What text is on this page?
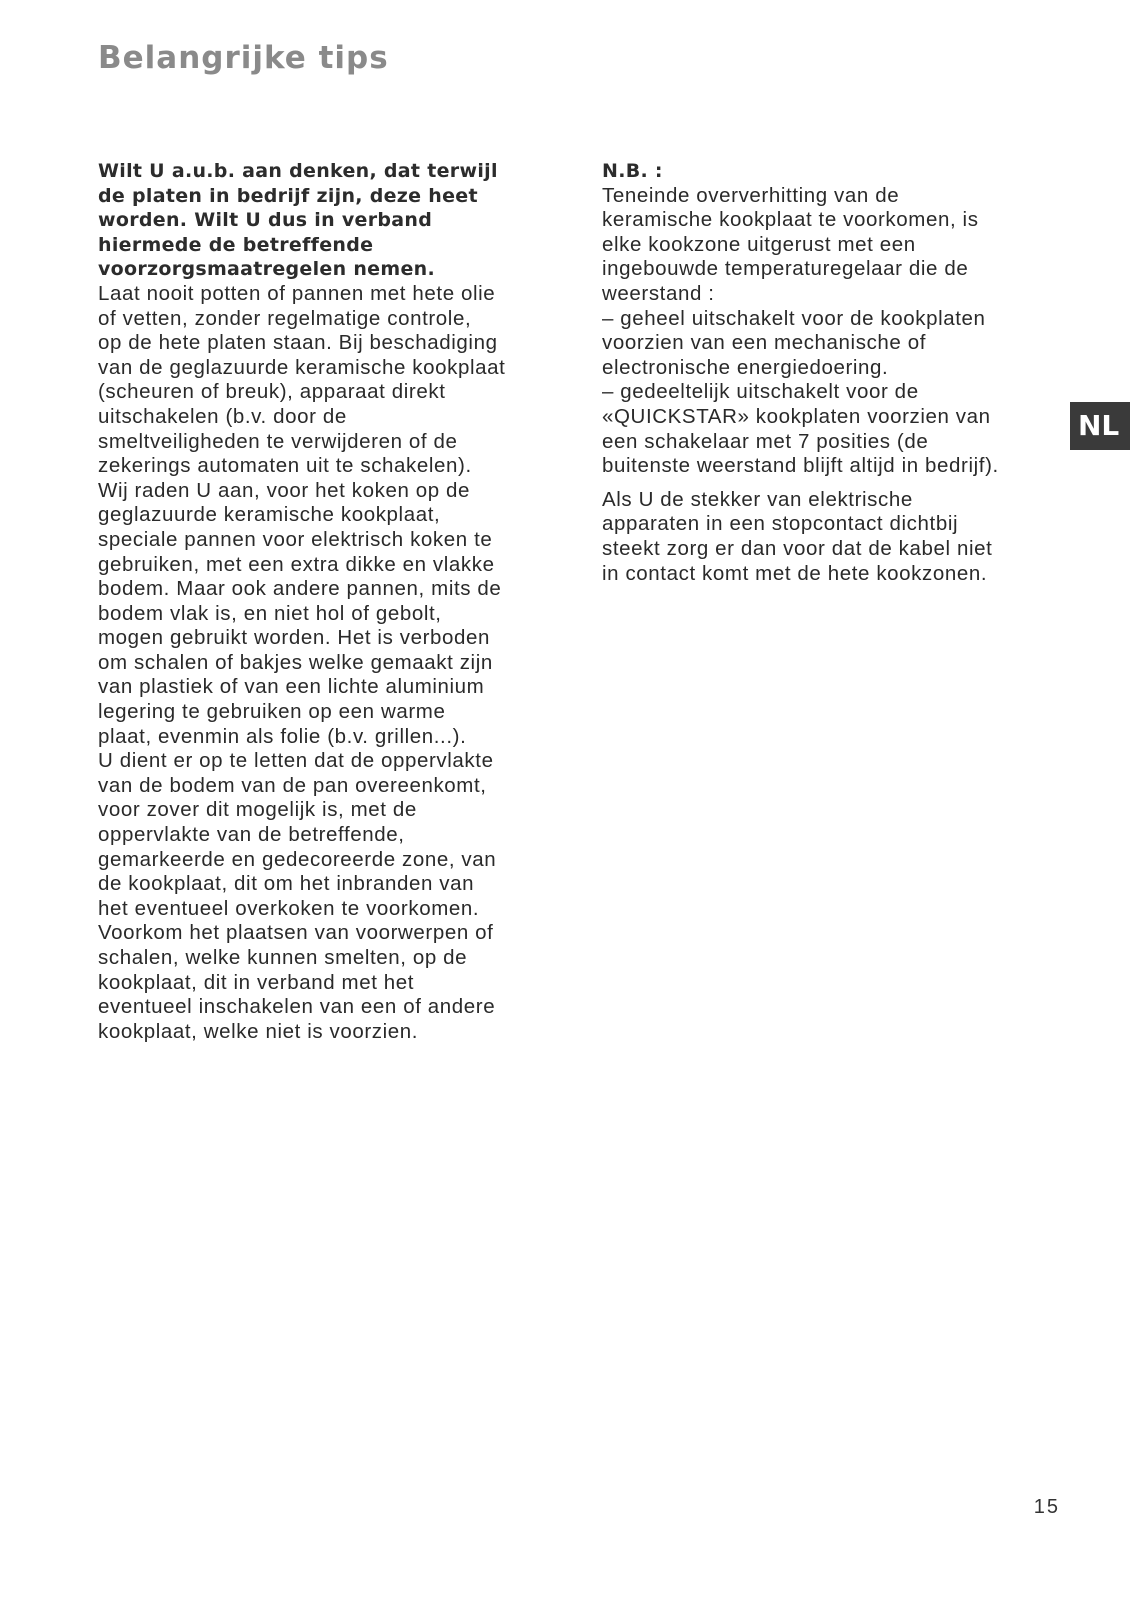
Belangrijke tips
Wilt U a.u.b. aan denken, dat terwijl
de platen in bedrijf zijn, deze heet
worden. Wilt U dus in verband
hiermede de betreffende
voorzorgsmaatregelen nemen.
Laat nooit potten of pannen met hete olie
of vetten, zonder regelmatige controle,
op de hete platen staan. Bij beschadiging
van de geglazuurde keramische kookplaat
(scheuren of breuk), apparaat direkt
uitschakelen (b.v. door de
smeltveiligheden te verwijderen of de
zekerings automaten uit te schakelen).
Wij raden U aan, voor het koken op de
geglazuurde keramische kookplaat,
speciale pannen voor elektrisch koken te
gebruiken, met een extra dikke en vlakke
bodem. Maar ook andere pannen, mits de
bodem vlak is, en niet hol of gebolt,
mogen gebruikt worden. Het is verboden
om schalen of bakjes welke gemaakt zijn
van plastiek of van een lichte aluminium
legering te gebruiken op een warme
plaat, evenmin als folie (b.v. grillen...).
U dient er op te letten dat de oppervlakte
van de bodem van de pan overeenkomt,
voor zover dit mogelijk is, met de
oppervlakte van de betreffende,
gemarkeerde en gedecoreerde zone, van
de kookplaat, dit om het inbranden van
het eventueel overkoken te voorkomen.
Voorkom het plaatsen van voorwerpen of
schalen, welke kunnen smelten, op de
kookplaat, dit in verband met het
eventueel inschakelen van een of andere
kookplaat, welke niet is voorzien.
N.B. :
Teneinde oververhitting van de
keramische kookplaat te voorkomen, is
elke kookzone uitgerust met een
ingebouwde temperaturegelaar die de
weerstand :
– geheel uitschakelt voor de kookplaten
voorzien van een mechanische of
electronische energiedoering.
– gedeeltelijk uitschakelt voor de
«QUICKSTAR» kookplaten voorzien van
een schakelaar met 7 posities (de
buitenste weerstand blijft altijd in bedrijf).
Als U de stekker van elektrische
apparaten in een stopcontact dichtbij
steekt zorg er dan voor dat de kabel niet
in contact komt met de hete kookzonen.
NL
15
